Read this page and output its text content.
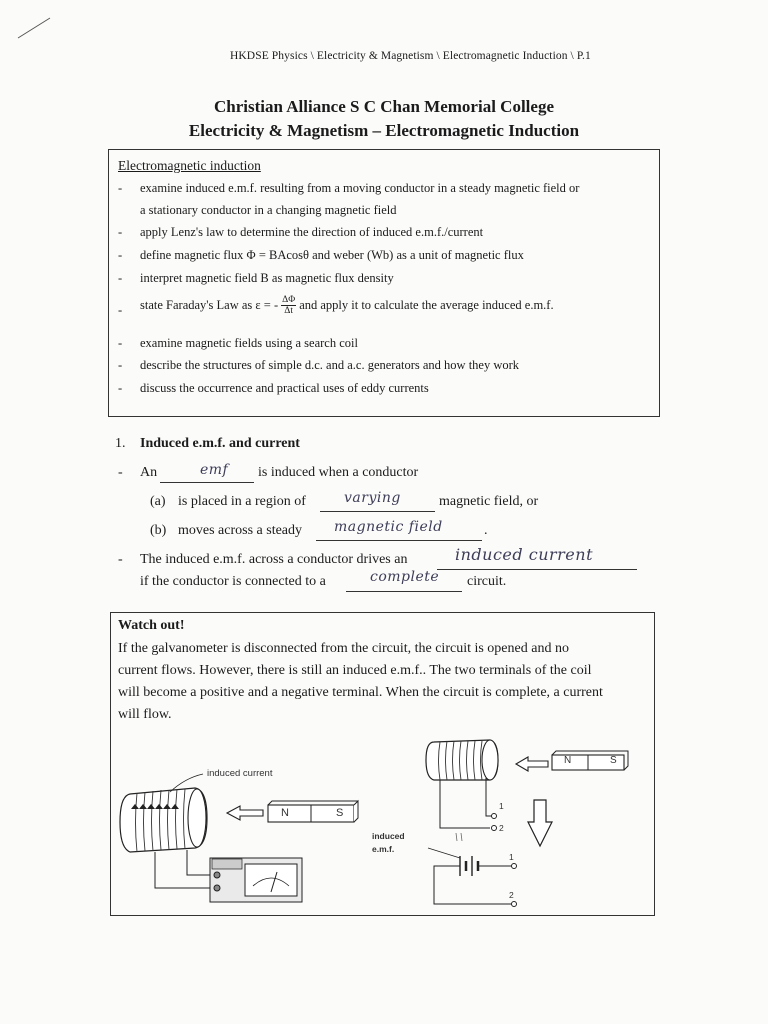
HKDSE Physics \ Electricity & Magnetism \ Electromagnetic Induction \ P.1
Christian Alliance S C Chan Memorial College
Electricity & Magnetism – Electromagnetic Induction
Electromagnetic induction
- examine induced e.m.f. resulting from a moving conductor in a steady magnetic field or
a stationary conductor in a changing magnetic field
- apply Lenz's law to determine the direction of induced e.m.f./current
- define magnetic flux Φ = BAcosθ and weber (Wb) as a unit of magnetic flux
- interpret magnetic field B as magnetic flux density
- state Faraday's Law as ε = - $\frac{\Delta\Phi}{\Delta t}$ and apply it to calculate the average induced e.m.f.
- examine magnetic fields using a search coil
- describe the structures of simple d.c. and a.c. generators and how they work
- discuss the occurrence and practical uses of eddy currents
1. Induced e.m.f. and current
- An	emf is induced when a conductor
(a) is placed in a region of	varying	magnetic field, or
(b) moves across a steady magnetic field	.
- The induced e.m.f. across a conductor drives an	induced current
if the conductor is connected to a	complete circuit.
Watch out!
If the galvanometer is disconnected from the circuit, the circuit is opened and no
current flows. However, there is still an induced e.m.f.. The two terminals of the coil
will become a positive and a negative terminal. When the circuit is complete, a current
will flow.
induced current
N	S
N	S
1
2
induced
e.m.f.
1
2
